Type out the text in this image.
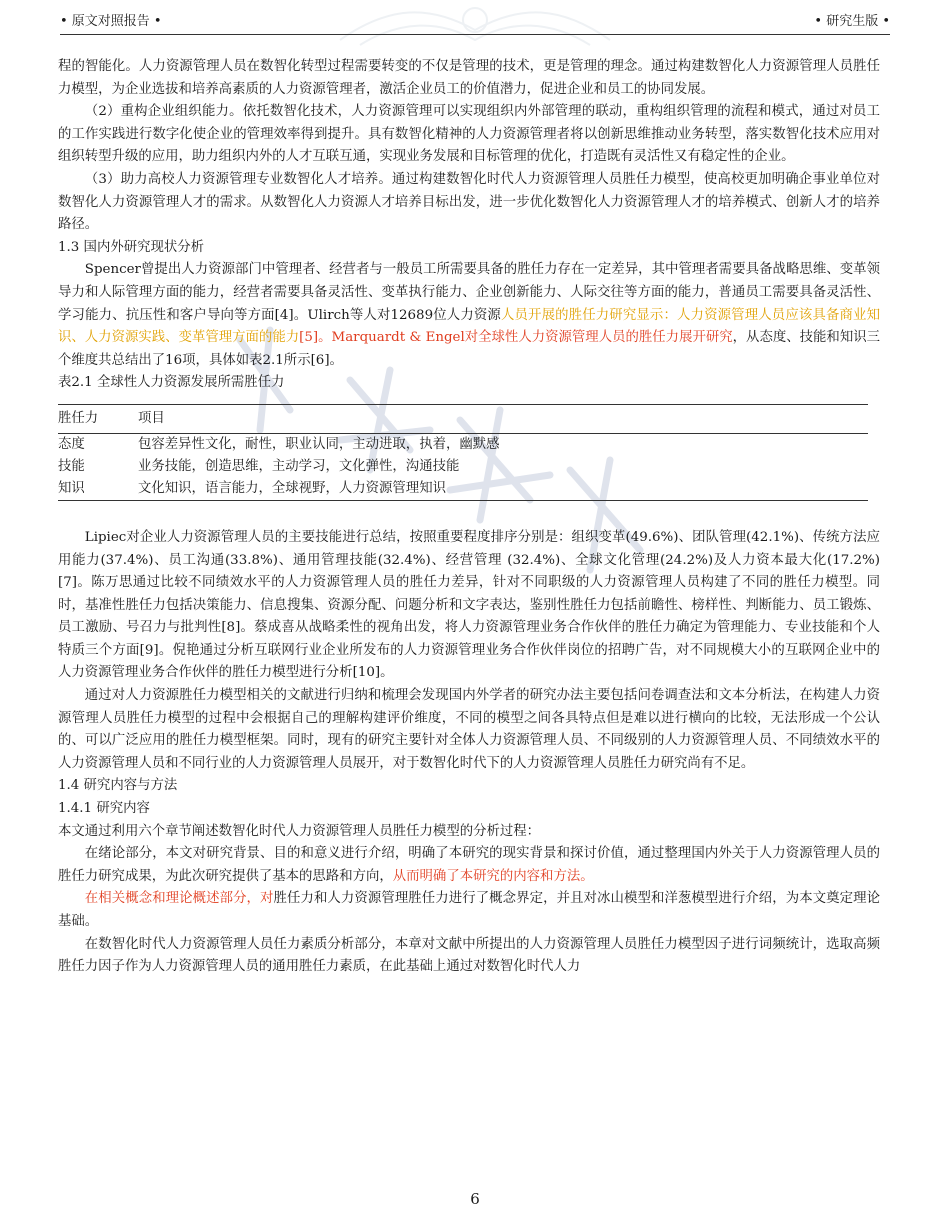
• 原文对照报告 •	• 研究生版 •

程的智能化。人力资源管理人员在数智化转型过程需要转变的不仅是管理的技术，更是管理的理念。通过构建数智化人力资源管理人员胜任力模型，为企业选拔和培养高素质的人力资源管理者，激活企业员工的价值潜力，促进企业和员工的协同发展。

（2）重构企业组织能力。依托数智化技术，人力资源管理可以实现组织内外部管理的联动，重构组织管理的流程和模式，通过对员工的工作实践进行数字化使企业的管理效率得到提升。具有数智化精神的人力资源管理者将以创新思维推动业务转型，落实数智化技术应用对组织转型升级的应用，助力组织内外的人才互联互通，实现业务发展和目标管理的优化，打造既有灵活性又有稳定性的企业。

（3）助力高校人力资源管理专业数智化人才培养。通过构建数智化时代人力资源管理人员胜任力模型，使高校更加明确企事业单位对数智化人力资源管理人才的需求。从数智化人力资源人才培养目标出发，进一步优化数智化人力资源管理人才的培养模式、创新人才的培养路径。

1.3 国内外研究现状分析

Spencer曾提出人力资源部门中管理者、经营者与一般员工所需要具备的胜任力存在一定差异，其中管理者需要具备战略思维、变革领导力和人际管理方面的能力，经营者需要具备灵活性、变革执行能力、企业创新能力、人际交往等方面的能力，普通员工需要具备灵活性、学习能力、抗压性和客户导向等方面[4]。Ulirch等人对12689位人力资源人员开展的胜任力研究显示：人力资源管理人员应该具备商业知识、人力资源实践、变革管理方面的能力[5]。Marquardt & Engel对全球性人力资源管理人员的胜任力展开研究，从态度、技能和知识三个维度共总结出了16项，具体如表2.1所示[6]。

表2.1 全球性人力资源发展所需胜任力

胜任力	项目
态度	包容差异性文化，耐性，职业认同，主动进取，执着，幽默感
技能	业务技能，创造思维，主动学习，文化弹性，沟通技能
知识	文化知识，语言能力，全球视野，人力资源管理知识

Lipiec对企业人力资源管理人员的主要技能进行总结，按照重要程度排序分别是：组织变革(49.6%)、团队管理(42.1%)、传统方法应用能力(37.4%)、员工沟通(33.8%)、通用管理技能(32.4%)、经营管理 (32.4%)、全球文化管理(24.2%)及人力资本最大化(17.2%)[7]。陈万思通过比较不同绩效水平的人力资源管理人员的胜任力差异，针对不同职级的人力资源管理人员构建了不同的胜任力模型。同时，基准性胜任力包括决策能力、信息搜集、资源分配、问题分析和文字表达，鉴别性胜任力包括前瞻性、榜样性、判断能力、员工锻炼、员工激励、号召力与批判性[8]。蔡成喜从战略柔性的视角出发，将人力资源管理业务合作伙伴的胜任力确定为管理能力、专业技能和个人特质三个方面[9]。倪艳通过分析互联网行业企业所发布的人力资源管理业务合作伙伴岗位的招聘广告，对不同规模大小的互联网企业中的人力资源管理业务合作伙伴的胜任力模型进行分析[10]。

通过对人力资源胜任力模型相关的文献进行归纳和梳理会发现国内外学者的研究办法主要包括问卷调查法和文本分析法，在构建人力资源管理人员胜任力模型的过程中会根据自己的理解构建评价维度，不同的模型之间各具特点但是难以进行横向的比较，无法形成一个公认的、可以广泛应用的胜任力模型框架。同时，现有的研究主要针对全体人力资源管理人员、不同级别的人力资源管理人员、不同绩效水平的人力资源管理人员和不同行业的人力资源管理人员展开，对于数智化时代下的人力资源管理人员胜任力研究尚有不足。

1.4 研究内容与方法

1.4.1 研究内容

本文通过利用六个章节阐述数智化时代人力资源管理人员胜任力模型的分析过程：

在绪论部分，本文对研究背景、目的和意义进行介绍，明确了本研究的现实背景和探讨价值，通过整理国内外关于人力资源管理人员的胜任力研究成果，为此次研究提供了基本的思路和方向，从而明确了本研究的内容和方法。

在相关概念和理论概述部分，对胜任力和人力资源管理胜任力进行了概念界定，并且对冰山模型和洋葱模型进行介绍，为本文奠定理论基础。

在数智化时代人力资源管理人员任力素质分析部分，本章对文献中所提出的人力资源管理人员胜任力模型因子进行词频统计，选取高频胜任力因子作为人力资源管理人员的通用胜任力素质，在此基础上通过对数智化时代人力

6
